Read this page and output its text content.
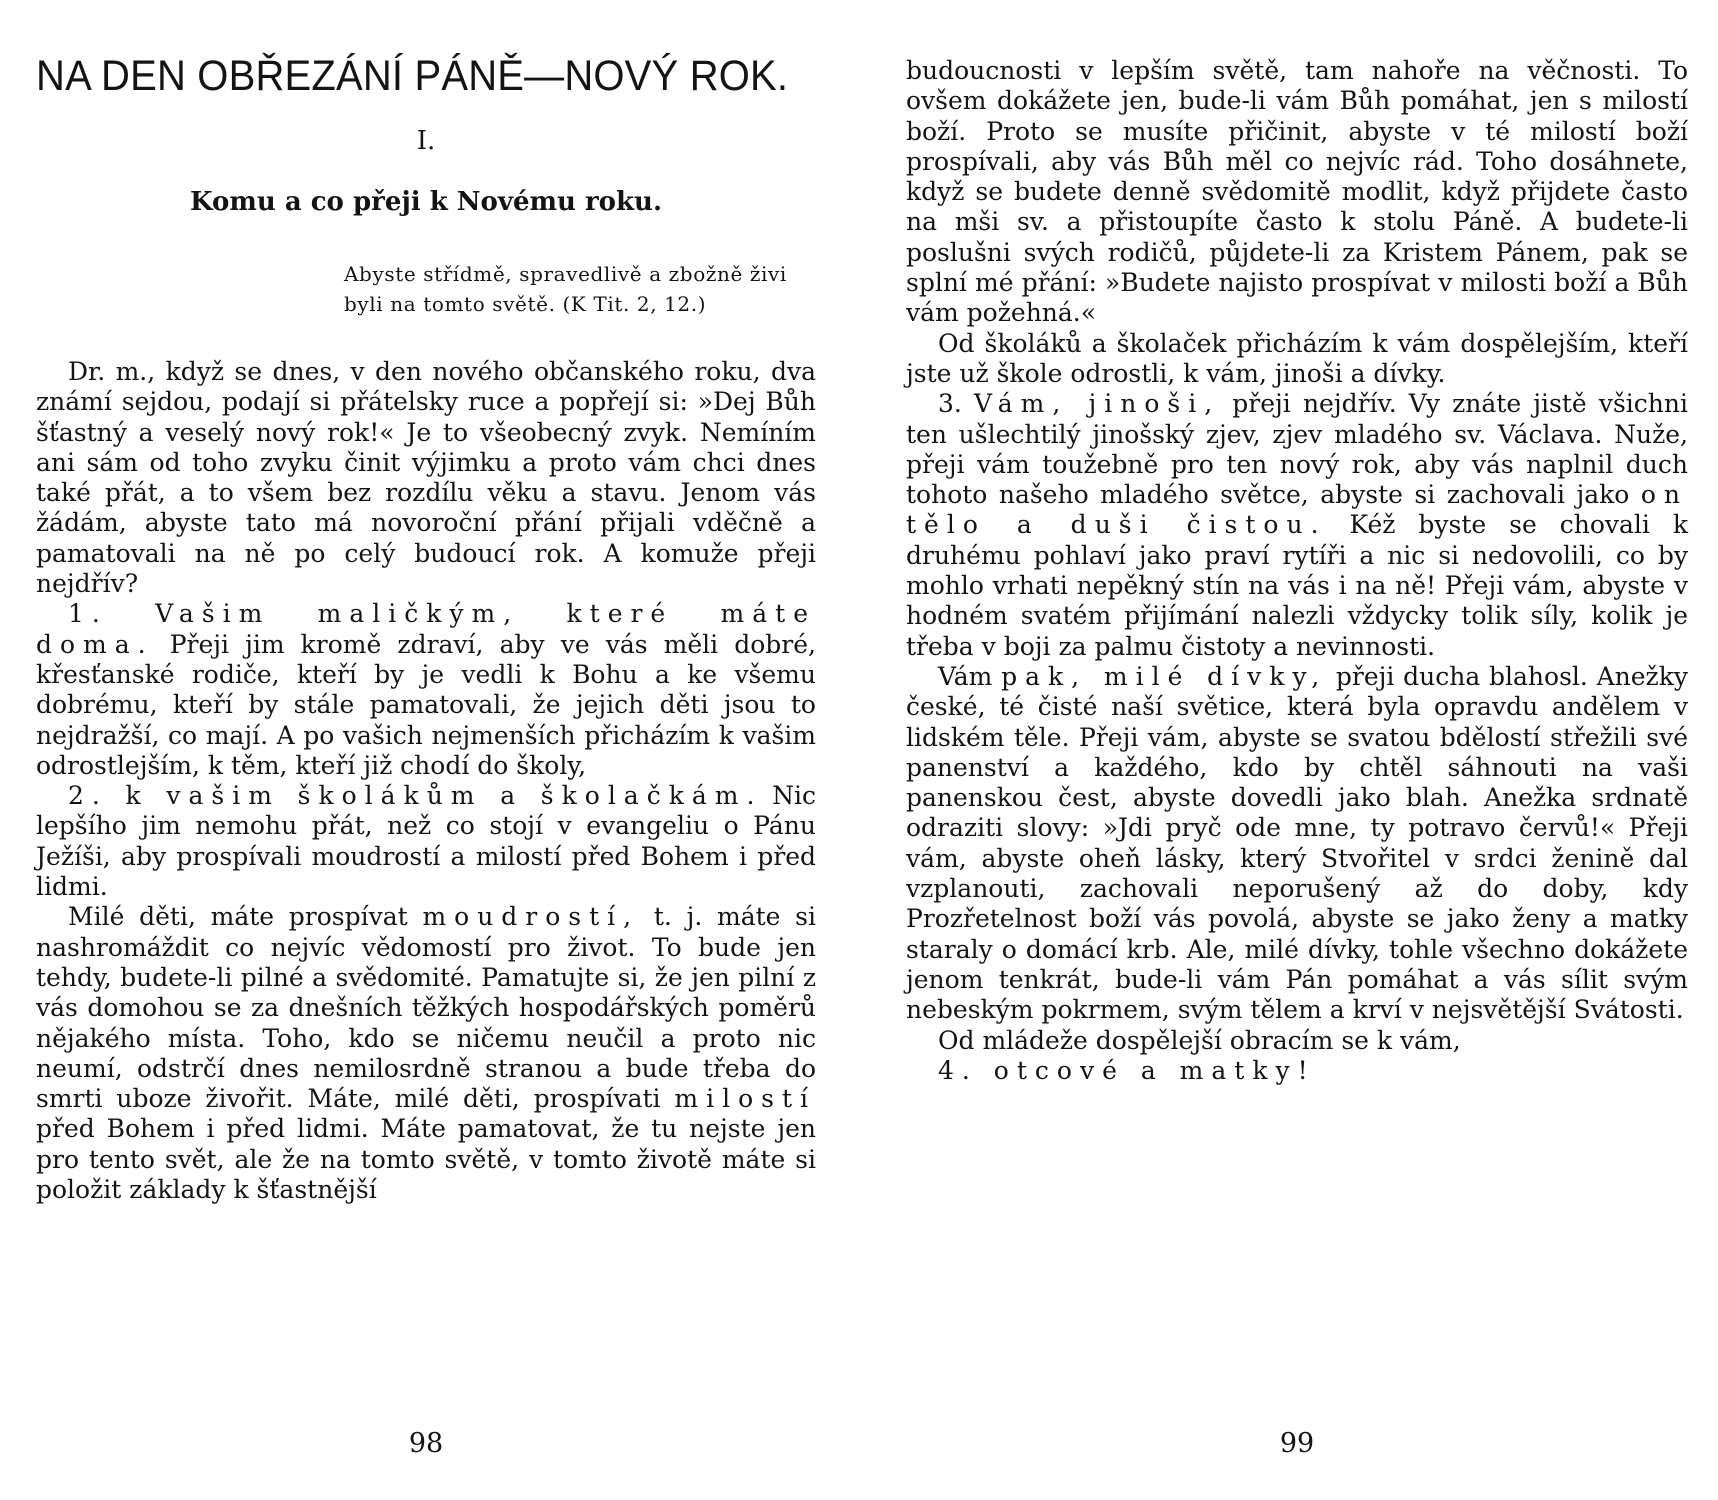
NA DEN OBŘEZÁNÍ PÁNĚ—NOVÝ ROK.
I.
Komu a co přeji k Novému roku.
Abyste střídmě, spravedlivě a zbožně živi byli na tomto světě. (K Tit. 2, 12.)

Dr. m., když se dnes, v den nového občanského roku, dva známí sejdou, podají si přátelsky ruce a popřejí si: »Dej Bůh šťastný a veselý nový rok!« Je to všeobecný zvyk. Nemíním ani sám od toho zvyku činit výjimku a proto vám chci dnes také přát, a to všem bez rozdílu věku a stavu. Jenom vás žádám, abyste tato má novoroční přání přijali vděčně a pamatovali na ně po celý budoucí rok. A komuže přeji nejdřív?

1. Vašim maličkým, které máte doma. Přeji jim kromě zdraví, aby ve vás měli dobré, křesťanské rodiče, kteří by je vedli k Bohu a ke všemu dobrému, kteří by stále pamatovali, že jejich děti jsou to nejdražší, co mají. A po vašich nejmenších přicházím k vašim odrostlejším, k těm, kteří již chodí do školy,

2. k vašim školákům a školačkám. Nic lepšího jim nemohu přát, než co stojí v evangeliu o Pánu Ježíši, aby prospívali moudrostí a milostí před Bohem i před lidmi.

Milé děti, máte prospívat moudrostí, t. j. máte si nashromáždit co nejvíc vědomostí pro život. To bude jen tehdy, budete-li pilné a svědomité. Pamatujte si, že jen pilní z vás domohou se za dnešních těžkých hospodářských poměrů nějakého místa. Toho, kdo se ničemu neučil a proto nic neumí, odstrčí dnes nemilosrdně stranou a bude třeba do smrti uboze živořit. Máte, milé děti, prospívati milostí před Bohem i před lidmi. Máte pamatovat, že tu nejste jen pro tento svět, ale že na tomto světě, v tomto životě máte si položit základy k šťastnější

98

budoucnosti v lepším světě, tam nahoře na věčnosti. To ovšem dokážete jen, bude-li vám Bůh pomáhat, jen s milostí boží. Proto se musíte přičinit, abyste v té milostí boží prospívali, aby vás Bůh měl co nejvíc rád. Toho dosáhnete, když se budete denně svědomitě modlit, když přijdete často na mši sv. a přistoupíte často k stolu Páně. A budete-li poslušni svých rodičů, půjdete-li za Kristem Pánem, pak se splní mé přání: »Budete najisto prospívat v milosti boží a Bůh vám požehná.«

Od školáků a školaček přicházím k vám dospělejším, kteří jste už škole odrostli, k vám, jinoši a dívky.

3. Vám, jinoši, přeji nejdřív. Vy znáte jistě všichni ten ušlechtilý jinošský zjev, zjev mladého sv. Václava. Nuže, přeji vám toužebně pro ten nový rok, aby vás naplnil duch tohoto našeho mladého světce, abyste si zachovali jako on tělo a duši čistou. Kéž byste se chovali k druhému pohlaví jako praví rytíři a nic si nedovolili, co by mohlo vrhati nepěkný stín na vás i na ně! Přeji vám, abyste v hodném svatém přijímání nalezli vždycky tolik síly, kolik je třeba v boji za palmu čistoty a nevinnosti.

Vám pak, milé dívky, přeji ducha blahosl. Anežky české, té čisté naší světice, která byla opravdu andělem v lidském těle. Přeji vám, abyste se svatou bdělostí střežili své panenství a každého, kdo by chtěl sáhnouti na vaši panenskou čest, abyste dovedli jako blah. Anežka srdnatě odraziti slovy: »Jdi pryč ode mne, ty potravo červů!« Přeji vám, abyste oheň lásky, který Stvořitel v srdci ženině dal vzplanouti, zachovali neporušený až do doby, kdy Prozřetelnost boží vás povolá, abyste se jako ženy a matky staraly o domácí krb. Ale, milé dívky, tohle všechno dokážete jenom tenkrát, bude-li vám Pán pomáhat a vás sílit svým nebeským pokrmem, svým tělem a krví v nejsvětější Svátosti.

Od mládeže dospělejší obracím se k vám,

4. otcové a matky!

99
